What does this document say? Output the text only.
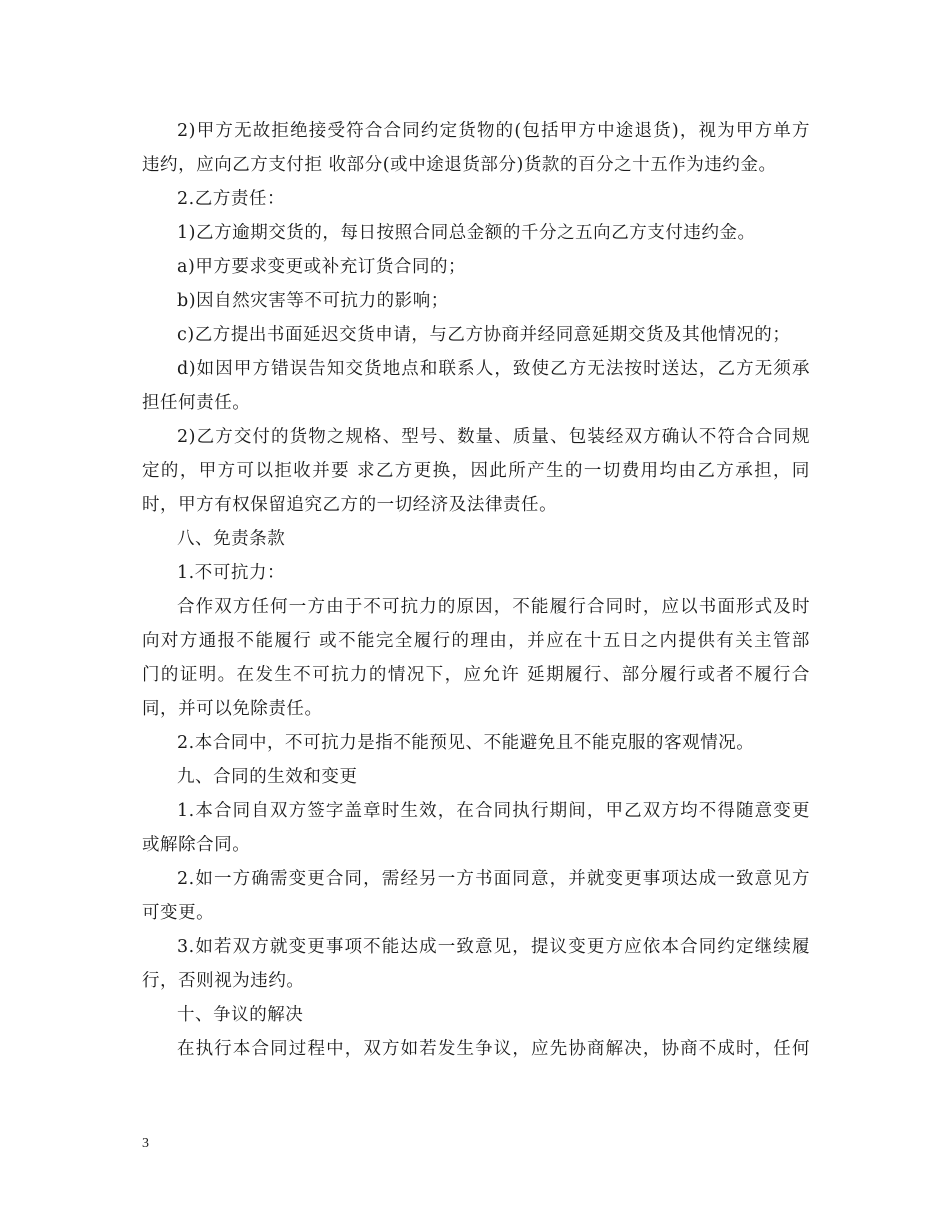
2)甲方无故拒绝接受符合合同约定货物的(包括甲方中途退货)，视为甲方单方
违约，应向乙方支付拒 收部分(或中途退货部分)货款的百分之十五作为违约金。
2.乙方责任：
1)乙方逾期交货的，每日按照合同总金额的千分之五向乙方支付违约金。
a)甲方要求变更或补充订货合同的；
b)因自然灾害等不可抗力的影响；
c)乙方提出书面延迟交货申请，与乙方协商并经同意延期交货及其他情况的；
d)如因甲方错误告知交货地点和联系人，致使乙方无法按时送达，乙方无须承
担任何责任。
2)乙方交付的货物之规格、型号、数量、质量、包装经双方确认不符合合同规
定的，甲方可以拒收并要 求乙方更换，因此所产生的一切费用均由乙方承担，同
时，甲方有权保留追究乙方的一切经济及法律责任。
八、免责条款
1.不可抗力：
合作双方任何一方由于不可抗力的原因，不能履行合同时，应以书面形式及时
向对方通报不能履行 或不能完全履行的理由，并应在十五日之内提供有关主管部
门的证明。在发生不可抗力的情况下，应允许 延期履行、部分履行或者不履行合
同，并可以免除责任。
2.本合同中，不可抗力是指不能预见、不能避免且不能克服的客观情况。
九、合同的生效和变更
1.本合同自双方签字盖章时生效，在合同执行期间，甲乙双方均不得随意变更
或解除合同。
2.如一方确需变更合同，需经另一方书面同意，并就变更事项达成一致意见方
可变更。
3.如若双方就变更事项不能达成一致意见，提议变更方应依本合同约定继续履
行，否则视为违约。
十、争议的解决
在执行本合同过程中，双方如若发生争议，应先协商解决，协商不成时，任何
3
